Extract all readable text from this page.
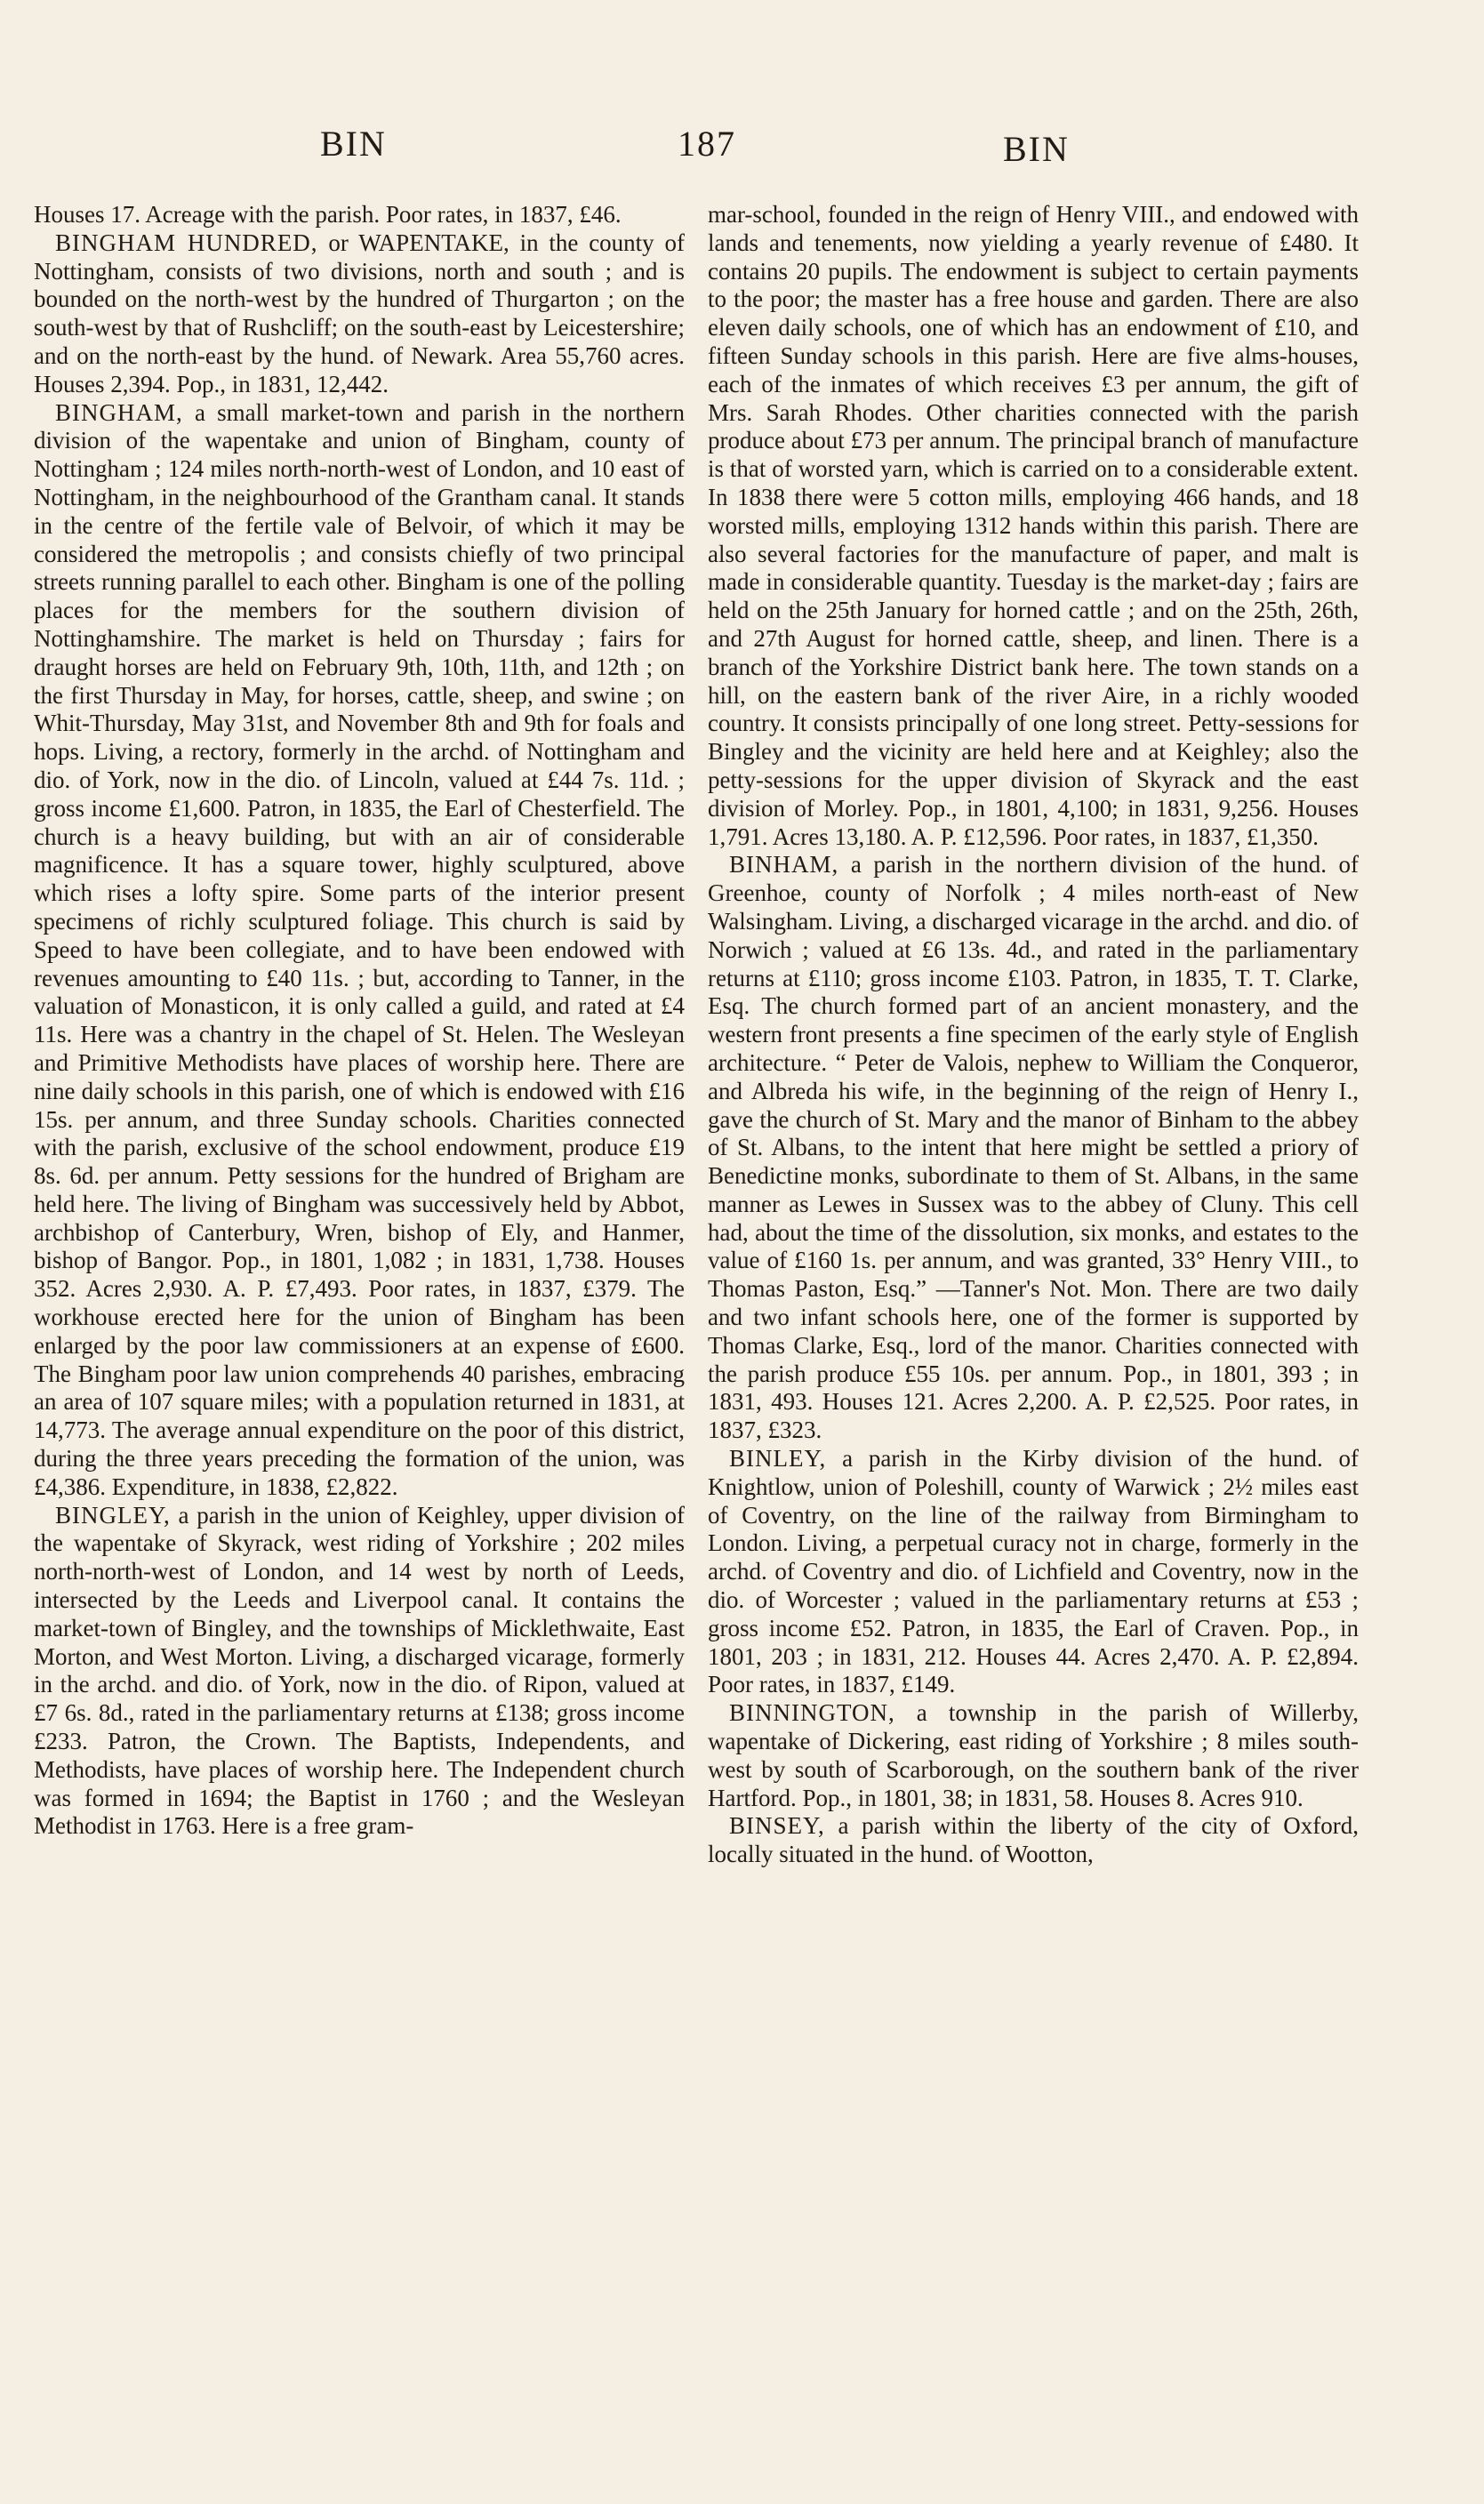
BIN	187	BIN

Houses 17. Acreage with the parish. Poor rates, in 1837, £46.

BINGHAM HUNDRED, or WAPENTAKE, in the county of Nottingham, consists of two divisions, north and south ; and is bounded on the north-west by the hundred of Thurgarton ; on the south-west by that of Rushcliff; on the south-east by Leicestershire; and on the north-east by the hund. of Newark. Area 55,760 acres. Houses 2,394. Pop., in 1831, 12,442.

BINGHAM, a small market-town and parish in the northern division of the wapentake and union of Bingham, county of Nottingham ; 124 miles north-north-west of London, and 10 east of Nottingham, in the neighbourhood of the Grantham canal. It stands in the centre of the fertile vale of Belvoir, of which it may be considered the metropolis ; and consists chiefly of two principal streets running parallel to each other. Bingham is one of the polling places for the members for the southern division of Nottinghamshire. The market is held on Thursday ; fairs for draught horses are held on February 9th, 10th, 11th, and 12th ; on the first Thursday in May, for horses, cattle, sheep, and swine ; on Whit-Thursday, May 31st, and November 8th and 9th for foals and hops. Living, a rectory, formerly in the archd. of Nottingham and dio. of York, now in the dio. of Lincoln, valued at £44 7s. 11d. ; gross income £1,600. Patron, in 1835, the Earl of Chesterfield. The church is a heavy building, but with an air of considerable magnificence. It has a square tower, highly sculptured, above which rises a lofty spire. Some parts of the interior present specimens of richly sculptured foliage. This church is said by Speed to have been collegiate, and to have been endowed with revenues amounting to £40 11s. ; but, according to Tanner, in the valuation of Monasticon, it is only called a guild, and rated at £4 11s. Here was a chantry in the chapel of St. Helen. The Wesleyan and Primitive Methodists have places of worship here. There are nine daily schools in this parish, one of which is endowed with £16 15s. per annum, and three Sunday schools. Charities connected with the parish, exclusive of the school endowment, produce £19 8s. 6d. per annum. Petty sessions for the hundred of Brigham are held here. The living of Bingham was successively held by Abbot, archbishop of Canterbury, Wren, bishop of Ely, and Hanmer, bishop of Bangor. Pop., in 1801, 1,082 ; in 1831, 1,738. Houses 352. Acres 2,930. A. P. £7,493. Poor rates, in 1837, £379. The workhouse erected here for the union of Bingham has been enlarged by the poor law commissioners at an expense of £600. The Bingham poor law union comprehends 40 parishes, embracing an area of 107 square miles; with a population returned in 1831, at 14,773. The average annual expenditure on the poor of this district, during the three years preceding the formation of the union, was £4,386. Expenditure, in 1838, £2,822.

BINGLEY, a parish in the union of Keighley, upper division of the wapentake of Skyrack, west riding of Yorkshire ; 202 miles north-north-west of London, and 14 west by north of Leeds, intersected by the Leeds and Liverpool canal. It contains the market-town of Bingley, and the townships of Micklethwaite, East Morton, and West Morton. Living, a discharged vicarage, formerly in the archd. and dio. of York, now in the dio. of Ripon, valued at £7 6s. 8d., rated in the parliamentary returns at £138; gross income £233. Patron, the Crown. The Baptists, Independents, and Methodists, have places of worship here. The Independent church was formed in 1694; the Baptist in 1760 ; and the Wesleyan Methodist in 1763. Here is a free gram-

mar-school, founded in the reign of Henry VIII., and endowed with lands and tenements, now yielding a yearly revenue of £480. It contains 20 pupils. The endowment is subject to certain payments to the poor; the master has a free house and garden. There are also eleven daily schools, one of which has an endowment of £10, and fifteen Sunday schools in this parish. Here are five alms-houses, each of the inmates of which receives £3 per annum, the gift of Mrs. Sarah Rhodes. Other charities connected with the parish produce about £73 per annum. The principal branch of manufacture is that of worsted yarn, which is carried on to a considerable extent. In 1838 there were 5 cotton mills, employing 466 hands, and 18 worsted mills, employing 1312 hands within this parish. There are also several factories for the manufacture of paper, and malt is made in considerable quantity. Tuesday is the market-day ; fairs are held on the 25th January for horned cattle ; and on the 25th, 26th, and 27th August for horned cattle, sheep, and linen. There is a branch of the Yorkshire District bank here. The town stands on a hill, on the eastern bank of the river Aire, in a richly wooded country. It consists principally of one long street. Petty-sessions for Bingley and the vicinity are held here and at Keighley; also the petty-sessions for the upper division of Skyrack and the east division of Morley. Pop., in 1801, 4,100; in 1831, 9,256. Houses 1,791. Acres 13,180. A. P. £12,596. Poor rates, in 1837, £1,350.

BINHAM, a parish in the northern division of the hund. of Greenhoe, county of Norfolk ; 4 miles north-east of New Walsingham. Living, a discharged vicarage in the archd. and dio. of Norwich ; valued at £6 13s. 4d., and rated in the parliamentary returns at £110; gross income £103. Patron, in 1835, T. T. Clarke, Esq. The church formed part of an ancient monastery, and the western front presents a fine specimen of the early style of English architecture. “ Peter de Valois, nephew to William the Conqueror, and Albreda his wife, in the beginning of the reign of Henry I., gave the church of St. Mary and the manor of Binham to the abbey of St. Albans, to the intent that here might be settled a priory of Benedictine monks, subordinate to them of St. Albans, in the same manner as Lewes in Sussex was to the abbey of Cluny. This cell had, about the time of the dissolution, six monks, and estates to the value of £160 1s. per annum, and was granted, 33° Henry VIII., to Thomas Paston, Esq.” —Tanner's Not. Mon. There are two daily and two infant schools here, one of the former is supported by Thomas Clarke, Esq., lord of the manor. Charities connected with the parish produce £55 10s. per annum. Pop., in 1801, 393 ; in 1831, 493. Houses 121. Acres 2,200. A. P. £2,525. Poor rates, in 1837, £323.

BINLEY, a parish in the Kirby division of the hund. of Knightlow, union of Poleshill, county of Warwick ; 2½ miles east of Coventry, on the line of the railway from Birmingham to London. Living, a perpetual curacy not in charge, formerly in the archd. of Coventry and dio. of Lichfield and Coventry, now in the dio. of Worcester ; valued in the parliamentary returns at £53 ; gross income £52. Patron, in 1835, the Earl of Craven. Pop., in 1801, 203 ; in 1831, 212. Houses 44. Acres 2,470. A. P. £2,894. Poor rates, in 1837, £149.

BINNINGTON, a township in the parish of Willerby, wapentake of Dickering, east riding of Yorkshire ; 8 miles south-west by south of Scarborough, on the southern bank of the river Hartford. Pop., in 1801, 38; in 1831, 58. Houses 8. Acres 910.

BINSEY, a parish within the liberty of the city of Oxford, locally situated in the hund. of Wootton,
